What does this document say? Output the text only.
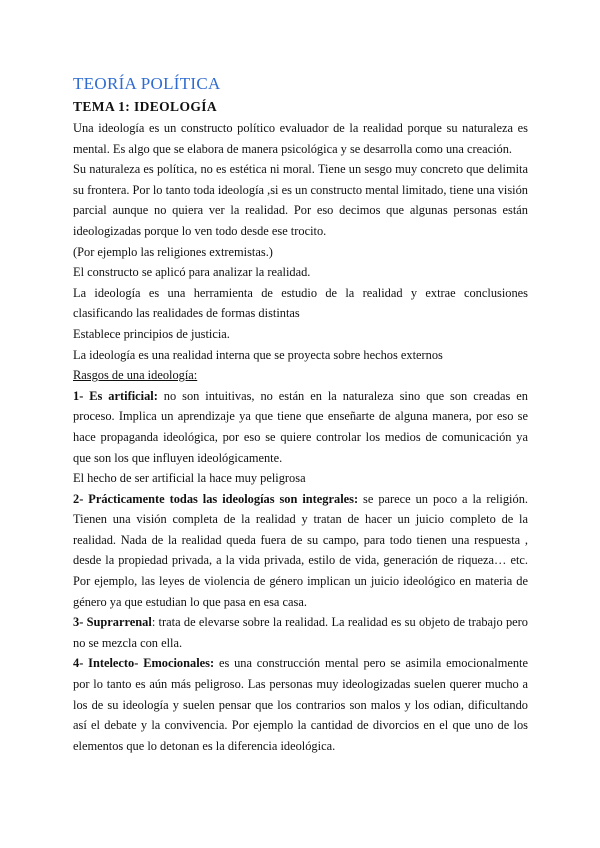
TEORÍA POLÍTICA
TEMA 1: IDEOLOGÍA

Una ideología es un constructo político evaluador de la realidad porque su naturaleza es mental. Es algo que se elabora de manera psicológica y se desarrolla como una creación.

Su naturaleza es política, no es estética ni moral. Tiene un sesgo muy concreto que delimita su frontera. Por lo tanto toda ideología ,si es un constructo mental limitado, tiene una visión parcial aunque no quiera ver la realidad. Por eso decimos que algunas personas están ideologizadas porque lo ven todo desde ese trocito.

(Por ejemplo las religiones extremistas.)

El constructo se aplicó para analizar la realidad.

La ideología es una herramienta de estudio de la realidad y extrae conclusiones clasificando las realidades de formas distintas

Establece principios de justicia.

La ideología es una realidad interna que se proyecta sobre hechos externos

Rasgos de una ideología:

1- Es artificial: no son intuitivas, no están en la naturaleza sino que son creadas en proceso. Implica un aprendizaje ya que tiene que enseñarte de alguna manera, por eso se hace propaganda ideológica, por eso se quiere controlar los medios de comunicación ya que son los que influyen ideológicamente.

El hecho de ser artificial la hace muy peligrosa

2- Prácticamente todas las ideologías son integrales: se parece un poco a la religión. Tienen una visión completa de la realidad y tratan de hacer un juicio completo de la realidad. Nada de la realidad queda fuera de su campo, para todo tienen una respuesta , desde la propiedad privada, a la vida privada, estilo de vida, generación de riqueza… etc. Por ejemplo, las leyes de violencia de género implican un juicio ideológico en materia de género ya que estudian lo que pasa en esa casa.

3- Suprarrenal: trata de elevarse sobre la realidad. La realidad es su objeto de trabajo pero no se mezcla con ella.

4- Intelecto- Emocionales: es una construcción mental pero se asimila emocionalmente por lo tanto es aún más peligroso. Las personas muy ideologizadas suelen querer mucho a los de su ideología y suelen pensar que los contrarios son malos y los odian, dificultando así el debate y la convivencia. Por ejemplo la cantidad de divorcios en el que uno de los elementos que lo detonan es la diferencia ideológica.
